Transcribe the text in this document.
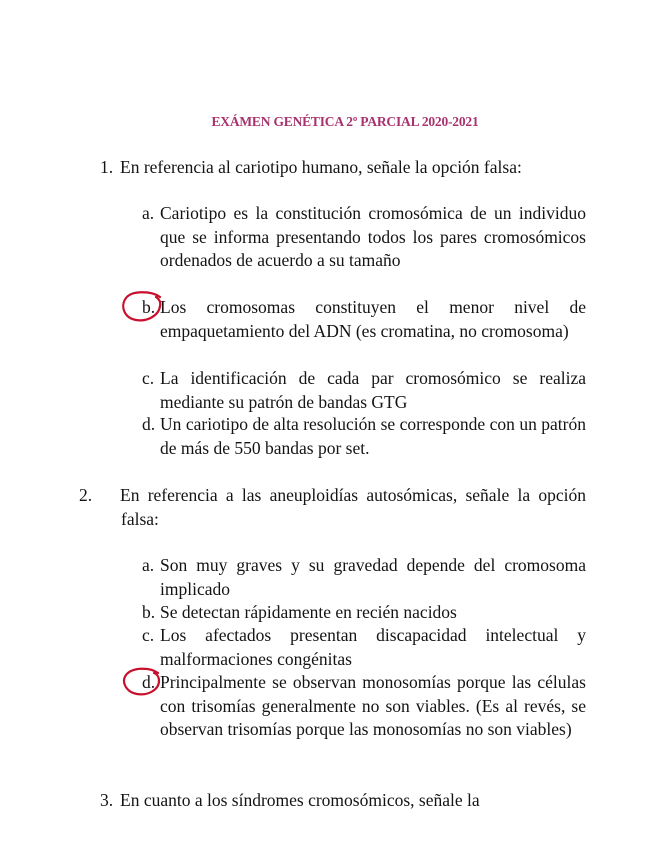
EXÁMEN GENÉTICA 2º PARCIAL 2020-2021
1. En referencia al cariotipo humano, señale la opción falsa:
a. Cariotipo es la constitución cromosómica de un individuo que se informa presentando todos los pares cromosómicos ordenados de acuerdo a su tamaño
b. Los cromosomas constituyen el menor nivel de empaquetamiento del ADN (es cromatina, no cromosoma)
c. La identificación de cada par cromosómico se realiza mediante su patrón de bandas GTG
d. Un cariotipo de alta resolución se corresponde con un patrón de más de 550 bandas por set.
2. En referencia a las aneuploidías autosómicas, señale la opción falsa:
a. Son muy graves y su gravedad depende del cromosoma implicado
b. Se detectan rápidamente en recién nacidos
c. Los afectados presentan discapacidad intelectual y malformaciones congénitas
d. Principalmente se observan monosomías porque las células con trisomías generalmente no son viables. (Es al revés, se observan trisomías porque las monosomías no son viables)
3. En cuanto a los síndromes cromosómicos, señale la
